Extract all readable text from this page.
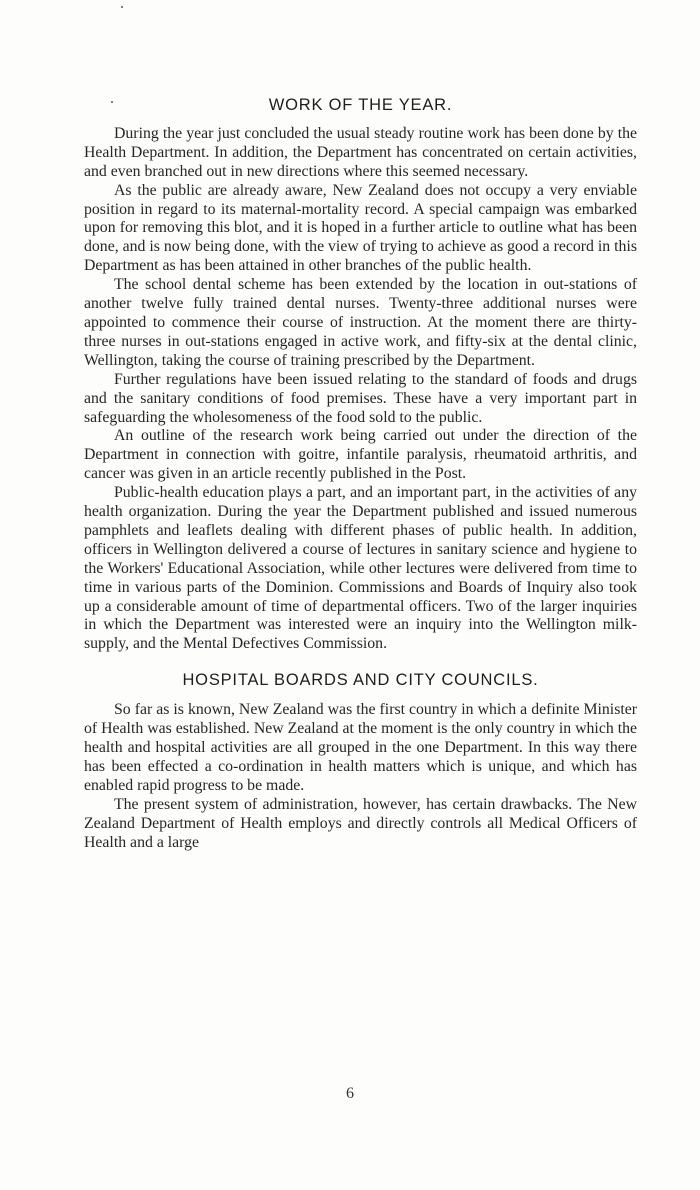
WORK OF THE YEAR.

During the year just concluded the usual steady routine work has been done by the Health Department. In addition, the Department has concentrated on certain activities, and even branched out in new directions where this seemed necessary.

As the public are already aware, New Zealand does not occupy a very enviable position in regard to its maternal-mortality record. A special campaign was embarked upon for removing this blot, and it is hoped in a further article to outline what has been done, and is now being done, with the view of trying to achieve as good a record in this Department as has been attained in other branches of the public health.

The school dental scheme has been extended by the location in out-stations of another twelve fully trained dental nurses. Twenty-three additional nurses were appointed to commence their course of instruction. At the moment there are thirty-three nurses in out-stations engaged in active work, and fifty-six at the dental clinic, Wellington, taking the course of training prescribed by the Department.

Further regulations have been issued relating to the standard of foods and drugs and the sanitary conditions of food premises. These have a very important part in safeguarding the wholesomeness of the food sold to the public.

An outline of the research work being carried out under the direction of the Department in connection with goitre, infantile paralysis, rheumatoid arthritis, and cancer was given in an article recently published in the Post.

Public-health education plays a part, and an important part, in the activities of any health organization. During the year the Department published and issued numerous pamphlets and leaflets dealing with different phases of public health. In addition, officers in Wellington delivered a course of lectures in sanitary science and hygiene to the Workers' Educational Association, while other lectures were delivered from time to time in various parts of the Dominion. Commissions and Boards of Inquiry also took up a considerable amount of time of departmental officers. Two of the larger inquiries in which the Department was interested were an inquiry into the Wellington milk-supply, and the Mental Defectives Commission.

HOSPITAL BOARDS AND CITY COUNCILS.

So far as is known, New Zealand was the first country in which a definite Minister of Health was established. New Zealand at the moment is the only country in which the health and hospital activities are all grouped in the one Department. In this way there has been effected a co-ordination in health matters which is unique, and which has enabled rapid progress to be made.

The present system of administration, however, has certain drawbacks. The New Zealand Department of Health employs and directly controls all Medical Officers of Health and a large

6
